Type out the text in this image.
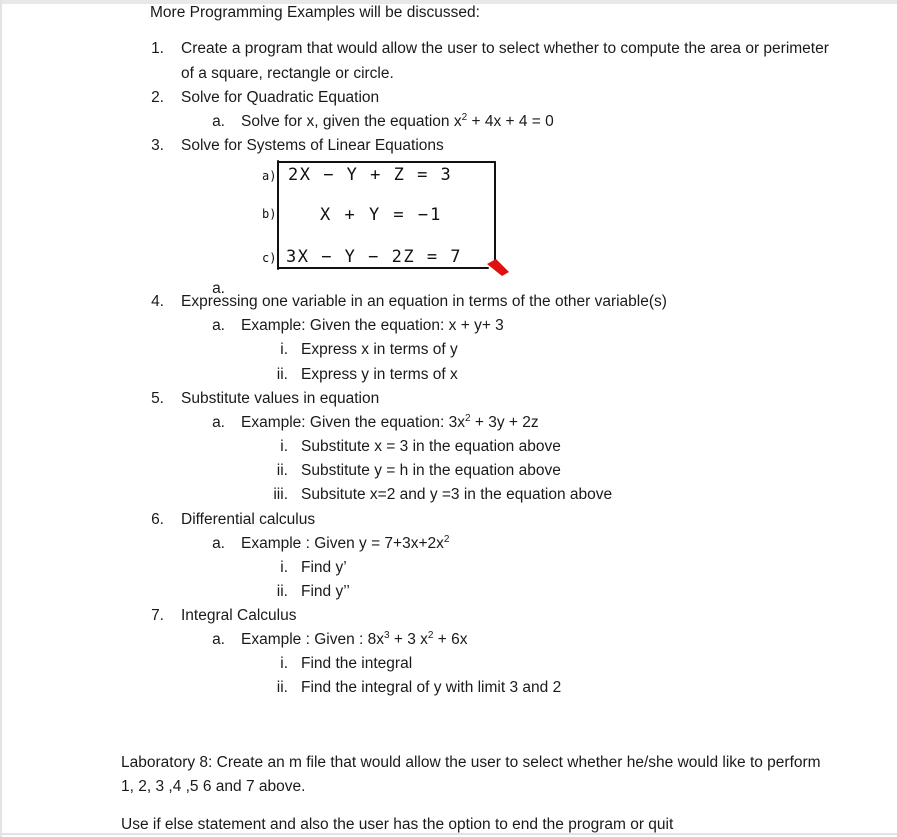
More Programming Examples will be discussed:
1. Create a program that would allow the user to select whether to compute the area or perimeter
of a square, rectangle or circle.
2. Solve for Quadratic Equation
a. Solve for x, given the equation $x^2 + 4x + 4 = 0$
3. Solve for Systems of Linear Equations
a) 2X − Y + Z = 3
b)	X + Y = −1
c) 3X − Y − 2Z = 7
a.
4. Expressing one variable in an equation in terms of the other variable(s)
a. Example: Given the equation: x + y+ 3
i. Express x in terms of y
ii. Express y in terms of x
5. Substitute values in equation
a. Example: Given the equation: $3x^2 + 3y + 2z$
i. Substitute x = 3 in the equation above
ii. Substitute y = h in the equation above
iii. Subsitute x=2 and y =3 in the equation above
6. Differential calculus
a. Example : Given $y = 7+3x+2x^2$
i. Find y’
ii. Find y’’
7. Integral Calculus
a. Example : Given : $8x^3 + 3$ $x^2 + 6x$
i. Find the integral
ii. Find the integral of y with limit 3 and 2
Laboratory 8: Create an m file that would allow the user to select whether he/she would like to perform
1, 2, 3 ,4 ,5 6 and 7 above.
Use if else statement and also the user has the option to end the program or quit
